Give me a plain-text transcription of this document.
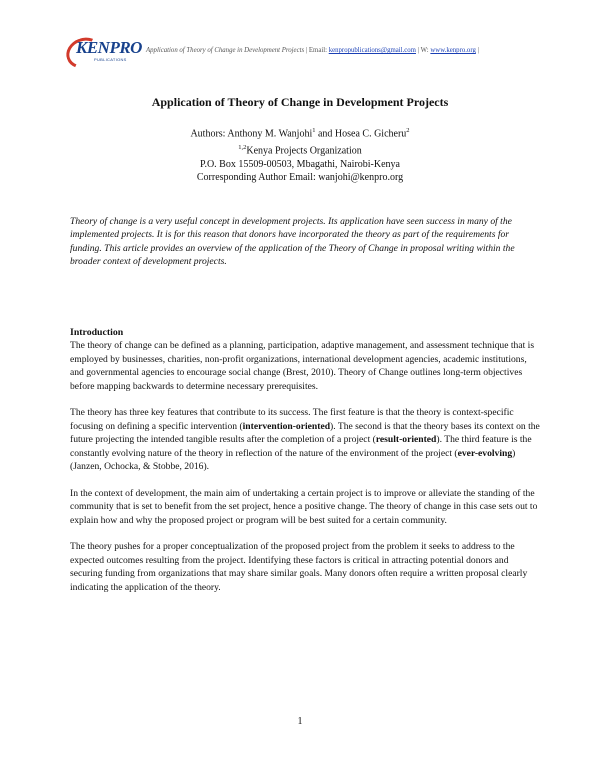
KENPRO
PUBLICATIONS
Application of Theory of Change in Development Projects | Email: kenpropublications@gmail.com | W: www.kenpro.org |
Application of Theory of Change in Development Projects
Authors: Anthony M. Wanjohi$^1$ and Hosea C. Gicheru$^2$
$^{1,2}$Kenya Projects Organization
P.O. Box 15509-00503, Mbagathi, Nairobi-Kenya
Corresponding Author Email: wanjohi@kenpro.org
Theory of change is a very useful concept in development projects. Its application have seen success in many of the implemented projects. It is for this reason that donors have incorporated the theory as part of the requirements for funding. This article provides an overview of the application of the Theory of Change in proposal writing within the broader context of development projects.
Introduction

The theory of change can be defined as a planning, participation, adaptive management, and assessment technique that is employed by businesses, charities, non-profit organizations, international development agencies, academic institutions, and governmental agencies to encourage social change (Brest, 2010). Theory of Change outlines long-term objectives before mapping backwards to determine necessary prerequisites.

The theory has three key features that contribute to its success. The first feature is that the theory is context-specific focusing on defining a specific intervention (intervention-oriented). The second is that the theory bases its context on the future projecting the intended tangible results after the completion of a project (result-oriented). The third feature is the constantly evolving nature of the theory in reflection of the nature of the environment of the project (ever-evolving) (Janzen, Ochocka, & Stobbe, 2016).

In the context of development, the main aim of undertaking a certain project is to improve or alleviate the standing of the community that is set to benefit from the set project, hence a positive change. The theory of change in this case sets out to explain how and why the proposed project or program will be best suited for a certain community.

The theory pushes for a proper conceptualization of the proposed project from the problem it seeks to address to the expected outcomes resulting from the project. Identifying these factors is critical in attracting potential donors and securing funding from organizations that may share similar goals. Many donors often require a written proposal clearly indicating the application of the theory.

1
